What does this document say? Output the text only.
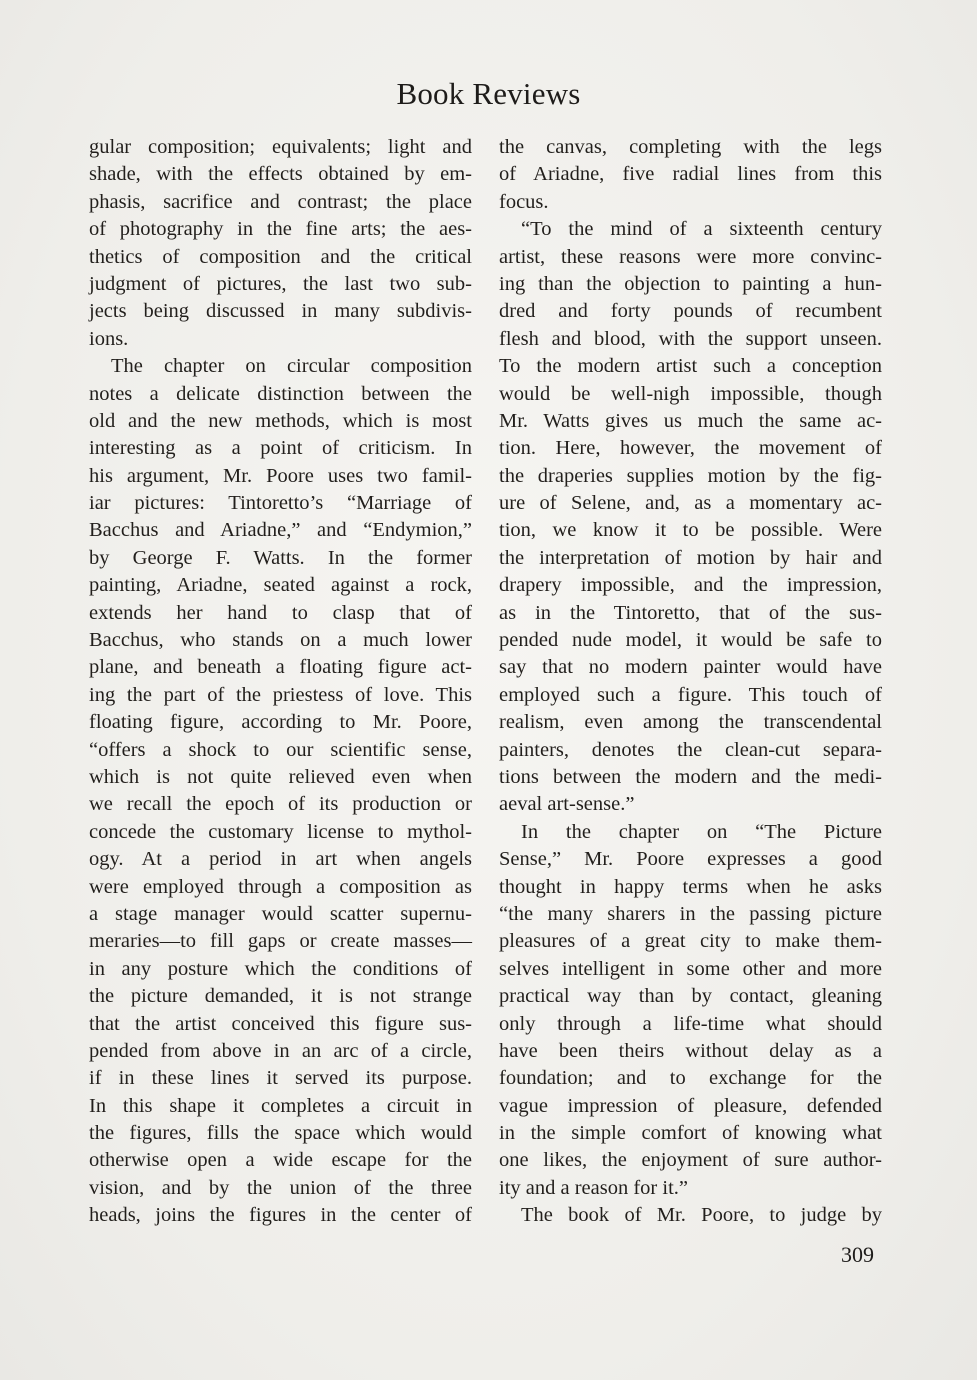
Book Reviews
gular composition; equivalents; light and
shade, with the effects obtained by em-
phasis, sacrifice and contrast; the place
of photography in the fine arts; the aes-
thetics of composition and the critical
judgment of pictures, the last two sub-
jects being discussed in many subdivis-
ions.
The chapter on circular composition
notes a delicate distinction between the
old and the new methods, which is most
interesting as a point of criticism. In
his argument, Mr. Poore uses two famil-
iar pictures: Tintoretto’s “Marriage of
Bacchus and Ariadne,” and “Endymion,”
by George F. Watts. In the former
painting, Ariadne, seated against a rock,
extends her hand to clasp that of
Bacchus, who stands on a much lower
plane, and beneath a floating figure act-
ing the part of the priestess of love. This
floating figure, according to Mr. Poore,
“offers a shock to our scientific sense,
which is not quite relieved even when
we recall the epoch of its production or
concede the customary license to mythol-
ogy. At a period in art when angels
were employed through a composition as
a stage manager would scatter supernu-
meraries—to fill gaps or create masses—
in any posture which the conditions of
the picture demanded, it is not strange
that the artist conceived this figure sus-
pended from above in an arc of a circle,
if in these lines it served its purpose.
In this shape it completes a circuit in
the figures, fills the space which would
otherwise open a wide escape for the
vision, and by the union of the three
heads, joins the figures in the center of
the canvas, completing with the legs
of Ariadne, five radial lines from this
focus.
“To the mind of a sixteenth century
artist, these reasons were more convinc-
ing than the objection to painting a hun-
dred and forty pounds of recumbent
flesh and blood, with the support unseen.
To the modern artist such a conception
would be well-nigh impossible, though
Mr. Watts gives us much the same ac-
tion. Here, however, the movement of
the draperies supplies motion by the fig-
ure of Selene, and, as a momentary ac-
tion, we know it to be possible. Were
the interpretation of motion by hair and
drapery impossible, and the impression,
as in the Tintoretto, that of the sus-
pended nude model, it would be safe to
say that no modern painter would have
employed such a figure. This touch of
realism, even among the transcendental
painters, denotes the clean-cut separa-
tions between the modern and the medi-
aeval art-sense.”
In the chapter on “The Picture
Sense,” Mr. Poore expresses a good
thought in happy terms when he asks
“the many sharers in the passing picture
pleasures of a great city to make them-
selves intelligent in some other and more
practical way than by contact, gleaning
only through a life-time what should
have been theirs without delay as a
foundation; and to exchange for the
vague impression of pleasure, defended
in the simple comfort of knowing what
one likes, the enjoyment of sure author-
ity and a reason for it.”
The book of Mr. Poore, to judge by
309
